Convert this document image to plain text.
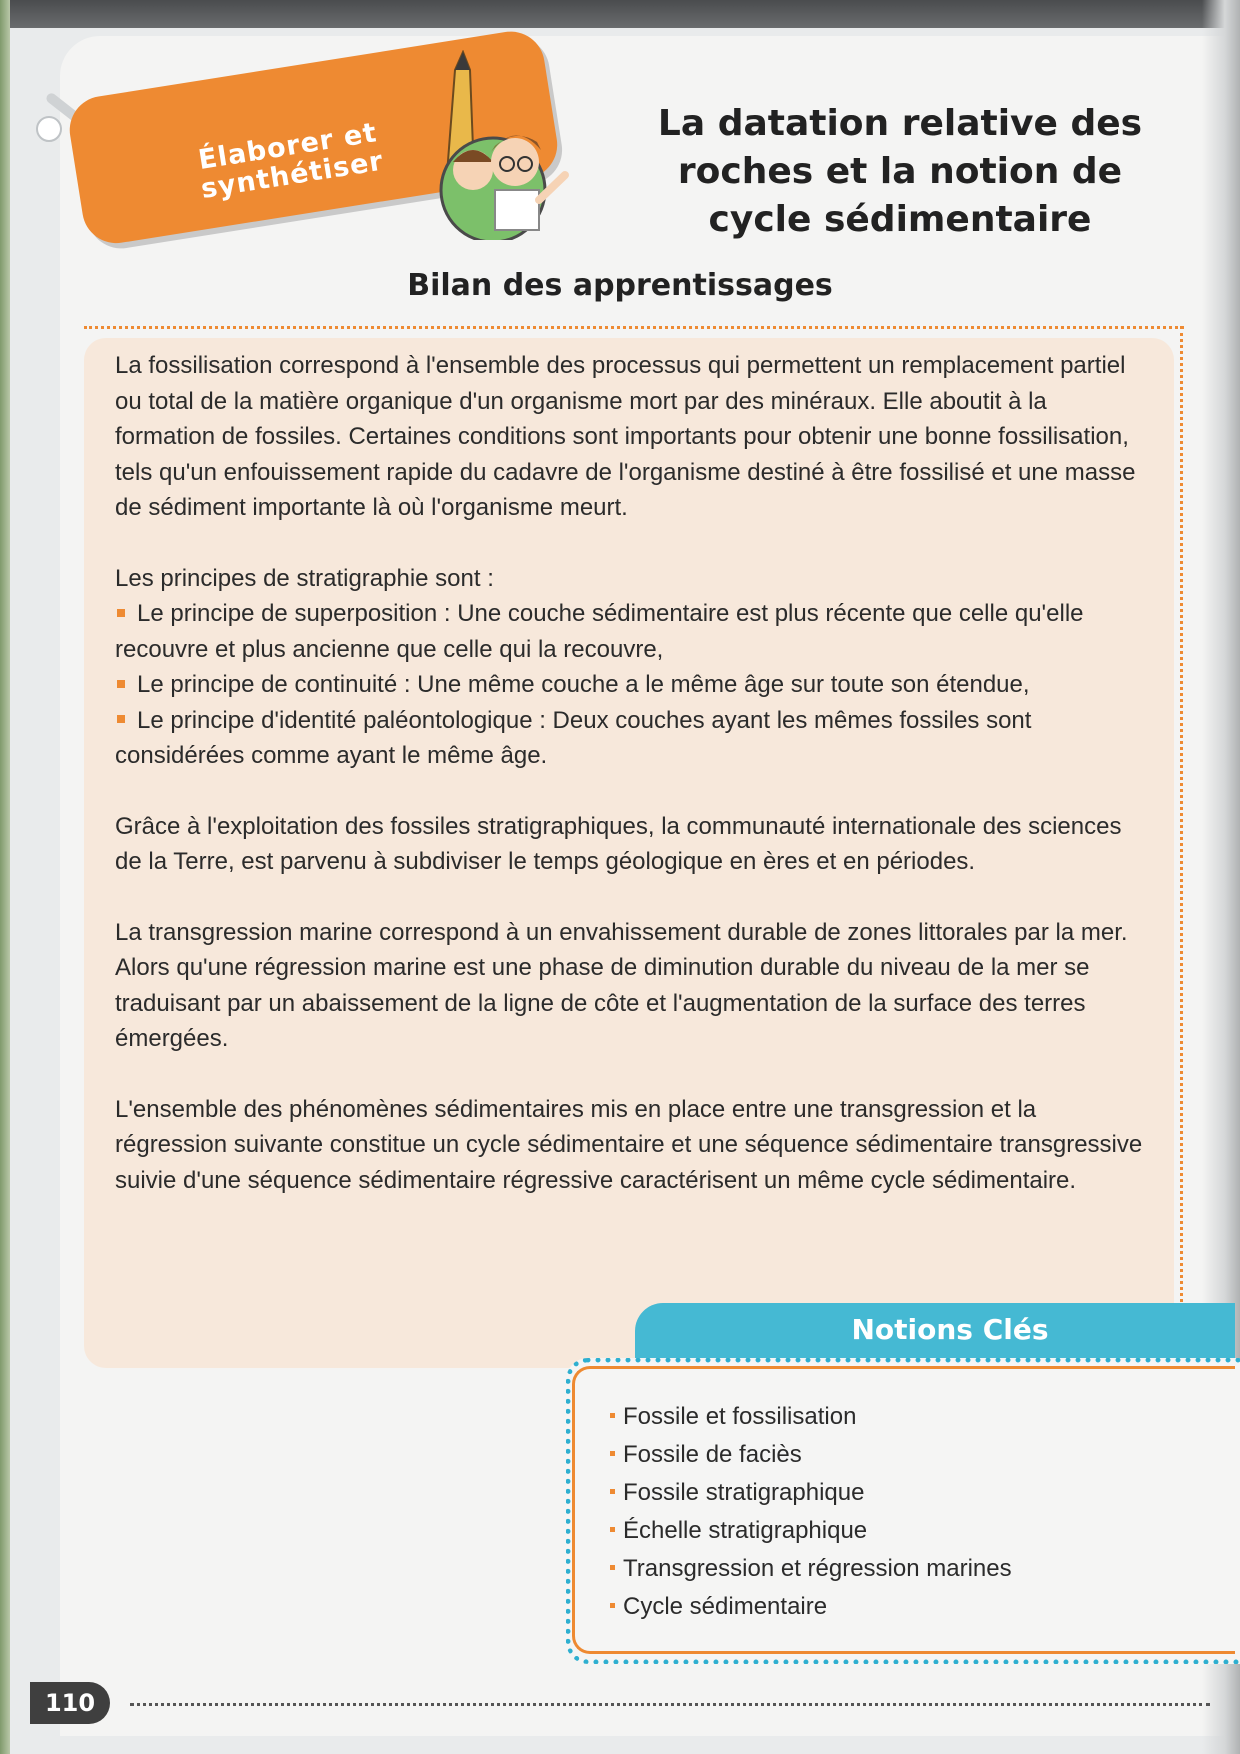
Élaborer et synthétiser
La datation relative des roches et la notion de cycle sédimentaire
Bilan des apprentissages

La fossilisation correspond à l'ensemble des processus qui permettent un remplacement partiel ou total de la matière organique d'un organisme mort par des minéraux. Elle aboutit à la formation de fossiles. Certaines conditions sont importants pour obtenir une bonne fossilisation, tels qu'un enfouissement rapide du cadavre de l'organisme destiné à être fossilisé et une masse de sédiment importante là où l'organisme meurt.

Les principes de stratigraphie sont :
Le principe de superposition : Une couche sédimentaire est plus récente que celle qu'elle recouvre et plus ancienne que celle qui la recouvre,
Le principe de continuité : Une même couche a le même âge sur toute son étendue,
Le principe d'identité paléontologique : Deux couches ayant les mêmes fossiles sont considérées comme ayant le même âge.

Grâce à l'exploitation des fossiles stratigraphiques, la communauté internationale des sciences de la Terre, est parvenu à subdiviser le temps géologique en ères et en périodes.

La transgression marine correspond à un envahissement durable de zones littorales par la mer. Alors qu'une régression marine est une phase de diminution durable du niveau de la mer se traduisant par un abaissement de la ligne de côte et l'augmentation de la surface des terres émergées.

L'ensemble des phénomènes sédimentaires mis en place entre une transgression et la régression suivante constitue un cycle sédimentaire et une séquence sédimentaire transgressive suivie d'une séquence sédimentaire régressive caractérisent un même cycle sédimentaire.

Notions Clés
Fossile et fossilisation
Fossile de faciès
Fossile stratigraphique
Échelle stratigraphique
Transgression et régression marines
Cycle sédimentaire
110
